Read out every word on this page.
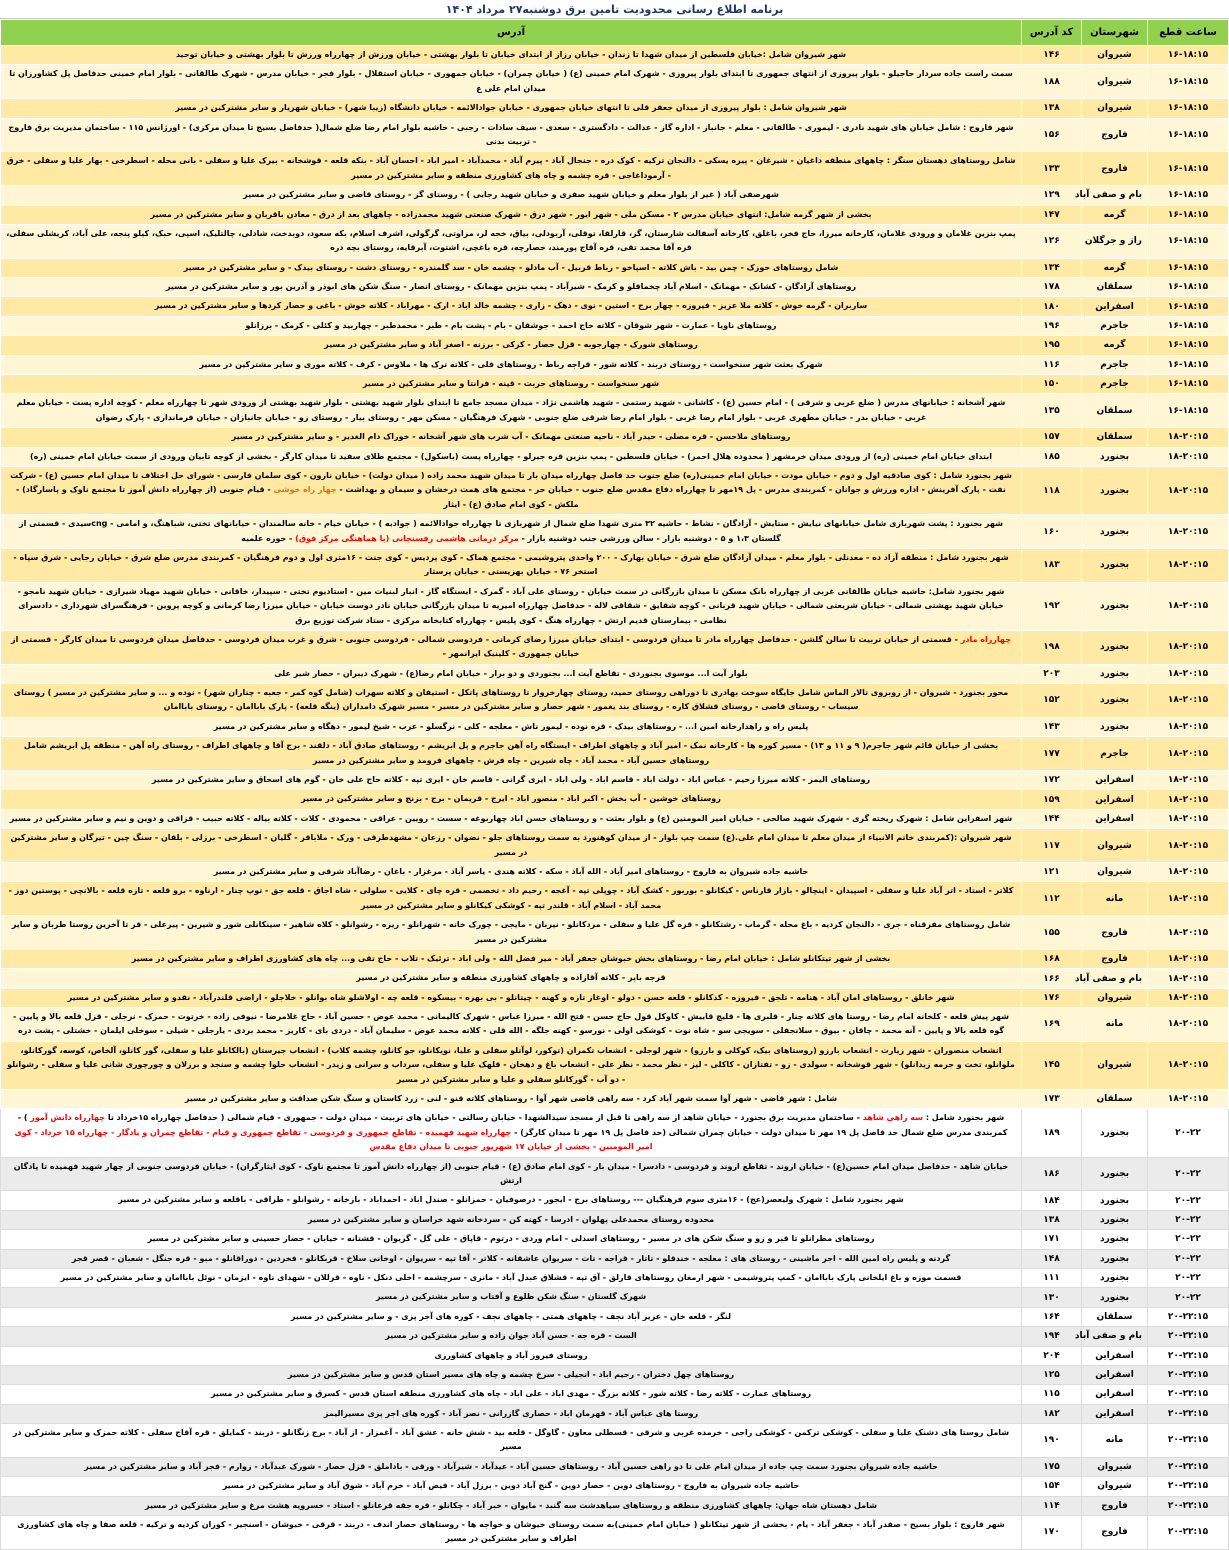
برنامه اطلاع رسانی محدودیت تامین برق دوشنبه۲۷ مرداد ۱۴۰۴
ساعت قطع	شهرستان	کد آدرس	آدرس
۱۶-۱۸:۱۵	شیروان	۱۴۶	شهر شیروان شامل :خیابان فلسطین از میدان شهدا تا زندان - خیابان رزاز از ابتدای خیابان تا بلوار بهشتی - خیابان ورزش از چهارراه ورزش تا بلوار بهشتی و خیابان توحید
۱۶-۱۸:۱۵	شیروان	۱۸۸	سمت راست جاده سردار حاجیلو - بلوار پیروزی از انتهای جمهوری تا ابتدای بلوار پیروزی - شهرک امام خمینی (ع) ( خیابان چمران) - خیابان جمهوری - خیابان استقلال - بلوار فجر - خیابان مدرس - شهرک طالقانی - بلوار امام خمینی حدفاصل پل کشاورزان تا میدان امام علی ع
۱۶-۱۸:۱۵	شیروان	۱۳۸	شهر شیروان شامل : بلوار پیروزی از میدان جعفر قلی تا انتهای خیابان جمهوری - خیابان جوادالائمه - خیابان دانشگاه (زیبا شهر) - خیابان شهریار و سایر مشترکین در مسیر
۱۶-۱۸:۱۵	فاروج	۱۵۶	شهر فاروج : شامل خیابان های شهید نادری - لیموری - طالقانی - معلم - جانباز - اداره گاز - عدالت - دادگستری - سعدی - سیف سادات - رجبی - حاشیه بلوار امام رضا ضلع شمال( حدفاصل بسیج تا میدان مرکزی) - اورژانس ۱۱۵ - ساختمان مدیریت برق فاروج - تربیت بدنی
۱۶-۱۸:۱۵	فاروج	۱۳۳	شامل روستاهای دهستان سنگر : چاههای منطقه داغیان - شیرغان - پیره یسکی - دالنجان ترکیه - کوک دره - جنجال آباد - پیرم آباد - محمدآباد - امیر اباد - احسان آباد - بنکه قلعه - قوشخانه - بیرک علیا و سفلی - بانی محله - اسطرخی - بهار علیا و سفلی - خرق - آرموداغاجی - قره چشمه و چاه های کشاورزی منطقه و سایر مشترکین در مسیر
۱۶-۱۸:۱۵	بام و صفی آباد	۱۲۹	شهرصفی آباد ( غیر از بلوار معلم و خیابان شهید صفری و خیابان شهید رجایی ) - روستای گز - روستای قاضی و سایر مشترکین در مسیر
۱۶-۱۸:۱۵	گرمه	۱۴۷	بخشی از شهر گرمه شامل: انتهای خیابان مدرس ۲ - مسکن ملی - شهر ایور - شهر درق - شهرک صنعتی شهید محمدزاده - چاههای بعد از درق - معادن باقربان و سایر مشترکین در مسیر
۱۶-۱۸:۱۵	راز و جرگلان	۱۲۶	پمپ بنزین غلامان و ورودی غلامان، کارخانه میرزا، حاج فخر، باغلق، کارخانه آسفالت شارستان، گز، قارلقا، توقلی، آربودلی، بیاق، خجه لر، مراوتی، گرگولی، اشرف اسلام، بکه سعود، دوبدخت، شادلی، چالتلیک، اسپی، حبک، کیلو پنجه، علی آباد، کریشلی سفلی، قره آقا محمد تقی، قره آقاج پورمند، حصارچه، قره باغچی، اشتوت، آبرقایه، روستای بچه دره
۱۶-۱۸:۱۵	گرمه	۱۳۴	شامل روستاهای حوزک - چمن بید - باش کلاته - اسپاخو - رباط قربیل - آب مادلو - چشمه خان - سد گلمندره - روستای دشت - روستای بیدک - و سایر مشترکین در مسیر
۱۶-۱۸:۱۵	سملقان	۱۷۸	روستاهای آزادگان - کشانک - مهمانک - اسلام آباد چخماقلو و کرمک - شیرآباد - پمپ بنزین مهمانک - روستای انصار - سنگ شکن های ابوذر و آذرین بور و سایر مشترکین در مسیر
۱۶-۱۸:۱۵	اسفراین	۱۸۰	ساربران - گرمه خوش - کلاته ملا عزیز - فیروزه - چهار برج - استین - نوی - دهک - زاری - چشمه خالد اباد - ارک - مهراباد - کلاته خوش - باغی و حصار کردها و سایر مشترکین در مسیر
۱۶-۱۸:۱۵	جاجرم	۱۹۶	روستاهای ناویا - عمارت - شهر شوقان - کلاته حاج احمد - جوشقان - بام - پشت بام - طبر - محمدطبر - چهاربید و کئلی - کرمک - برزانلو
۱۶-۱۸:۱۵	گرمه	۱۹۵	روستاهای شورک - چهارجوبه - قزل حصار - کرکی - برزنه - اصغر آباد و سایر مشترکین در مسیر
۱۶-۱۸:۱۵	جاجرم	۱۱۶	شهرک بعثت شهر سنخواست - روستای دربند - کلاته شور - قراجه رباط - روستاهای قلی - کلاته ترک ها - ملاوس - کرف - کلاته موری و سایر مشترکین در مسیر
۱۶-۱۸:۱۵	جاجرم	۱۵۰	شهر سنخواست - روستاهای جربت - قپنه - فرانتا و سایر مشترکین در مسیر
۱۶-۱۸:۱۵	سملقان	۱۳۵	شهر آشخانه : خیابانهای مدرس ( ضلع غربی و شرقی ) - امام حسین (ع) - کاشانی - شهید رستمی - شهید هاشمی نژاد - میدان مسجد جامع تا ابتدای بلوار شهید بهشتی - بلوار شهید بهشتی از ورودی شهر تا چهارراه معلم - کوچه اداره پست - خیابان معلم غربی - خیابان بدر - خیابان مطهری غربی - بلوار امام رضا غربی - بلوار امام رضا شرقی ضلع جنوبی - شهرک فرهنگیان - مسکن مهر - روستای بیار - روستای زو - خیابان جانبازان - خیابان فرمانداری - پارک رضوان
۱۸-۲۰:۱۵	سملقان	۱۵۷	روستاهای ملاحسن - قره مصلی - حیدر آباد - ناحیه صنعتی مهمانک - آب شرب های شهر آشخانه - خوراک دام الغدیر - و سایر مشترکین در مسیر
۱۸-۲۰:۱۵	بجنورد	۱۸۵	ابتدای خیابان امام خمینی (ره) از ورودی میدان خرمشهر ( محدوده هلال احمر) - خیابان فلسطین - پمپ بنزین قره جیرلو - چهارراه پست (باسکول) - مجتمع طلای سفید تا میدان کارگر - بخشی از کوچه تابیان ورودی از سمت خیابان امام خمینی (ره)
۱۸-۲۰:۱۵	بجنورد	۱۱۸	شهر بجنورد شامل : کوی صادقیه اول و دوم - خیابان مودت - خیابان امام خمینی(ره) ضلع جنوب حد فاصل چهارراه میدان بار تا میدان شهید محمد زاده ( میدان دولت) - خیابان نارون - کوی سلمان فارسی - شورای حل اختلاف تا میدان امام حسین (ع) - شرکت نفت - پارک آفرینش - اداره ورزش و جوانان - کمربندی مدرس - پل ۱۹مهر تا چهارراه دفاع مقدس ضلع جنوب - خیابان حر - مجتمع های همت درخشان و سیمان و بهداشت - چهار راه خوشی - قیام جنوبی (از چهارراه دانش آموز تا مجتمع ناوک و پاسارگاد) - ملکش - کوی امام صادق (ع) - ایثار
۱۸-۲۰:۱۵	بجنورد	۱۶۰	شهر بجنورد : پشت شهربازی شامل خیابانهای نیایش - ستایش - آزادگان - نشاط - حاشیه ۳۲ متری شهدا ضلع شمال از شهربازی تا چهارراه جوادالائمه ( جوادیه ) - خیابان خیام - خانه سالمندان - خیابانهای تختی، شباهنگ، و امامی - cngسیدی - قسمتی از گلستان ۱،۳ و ۵ - دوشنبه بازار - سالن ورزشی جنب دوشنبه بازار - مرکز درمانی هاشمی رفسنجانی (با هماهنگی مرکز فوق) - حوزه علمیه
۱۸-۲۰:۱۵	بجنورد	۱۸۳	شهر بجنورد شامل : منطقه آزاد ده - معدنلی - بلوار معلم - میدان آزادگان ضلع شرق - خیابان بهارک - ۲۰۰ واحدی پتروشیمی - مجتمع هماک - کوی پردیس - کوی جنت - ۱۶متری اول و دوم فرهنگیان - کمربندی مدرس ضلع شرق - خیابان رجایی - شرق سپاه - استخر ۷۶ - خیابان بهزیستی - خیابان پرستار
۱۸-۲۰:۱۵	بجنورد	۱۹۲	شهر بجنورد شامل: حاشیه خیابان طالقانی غربی از چهارراه بانک مسکن تا میدان بازرگانی در سمت خیابان - روستای علی آباد - گمرک - ایستگاه گاز - انبار لبنیات مین - استادیوم تختی - سپیدار، خاقانی - خیابان شهید مهیاد شیرازی - خیابان شهید نامجو - خیابان شهید بهشتی شمالی - خیابان شریعتی شمالی - خیابان شهید قربانی - کوچه شقایق - شقاقی لاله - حدفاصل چهارراه امیریه تا میدان بازرگانی خیابان نادر دوست خیابان - خیابان میرزا رضا کرمانی و کوچه پروین - فرهنگسرای شهرداری - دادسرای نظامی - بیمارستان قدیم ارتش - چهارراه هنگ - کوی پلیس - چهارراه کتابخانه مرکزی - ستاد شرکت توزیع برق
۱۸-۲۰:۱۵	بجنورد	۱۹۸	چهارراه مادر - قسمتی از خیابان تربیت تا سالن گلشن - حدفاصل چهارراه مادر تا میدان فردوسی - ابتدای خیابان میرزا رضای کرمانی - فردوسی شمالی - فردوسی جنوبی - شرق و غرب میدان فردوسی - حدفاصل میدان فردوسی تا میدان کارگر - قسمتی از خیابان جمهوری - کلینیک ایرانمهر -
۱۸-۲۰:۱۵	بجنورد	۲۰۳	بلوار آیت ا... موسوی بجنوردی - تقاطع آیت ا... بجنوردی و دو برار - خیابان امام رضا(ع) - شهرک دیبران - حصار شیر علی
۱۸-۲۰:۱۵	بجنورد	۱۵۲	محور بجنورد - شیروان - از روبروی تالار الماس شامل جایگاه سوخت بهادری تا دوراهی روستای حمید، روستای چهارخروار تا روستاهای پاتکل - استیفان و کلاته سهراب (شامل کوه کمر - جعبه - چناران شهر) - نوده و ... و سایر مشترکین در مسیر ) روستای سیساب - روستای قاضی - روستای قشلاق کاره - روستای بند یغمور - شهر حصار و سایر مشترکین در مسیر - مسیر شهرک دامداران (ینگه قلعه) - پارک باباامان - روستای باباامان
۱۸-۲۰:۱۵	بجنورد	۱۴۳	پلیس راه و راهدارخانه امین ا... - روستاهای بیدک - قره نوده - لیمور ناش - معلجه - کلی - نرگسلو - عرب - شیخ لیمور - دهگاه و سایر مشترکین در مسیر
۱۸-۲۰:۱۵	جاجرم	۱۷۷	بخشی از خیابان قائم شهر جاجرم( ۹ و ۱۱ و ۱۳) - مسیر کوره ها - کارخانه نمک - امیر آباد و چاههای اطراف - ایستگاه راه آهن جاجرم و پل ابریشم - روستاهای صادق آباد - دلقند - برج آقا و چاههای اطراف - روستای راه آهن - منطقه پل ابریشم شامل روستاهای حسین آباد - محمد آباد - چاه شیرین - چاه فرش - چاههای فرومد و سایر مشترکین در مسیر
۱۸-۲۰:۱۵	اسفراین	۱۷۲	روستاهای الیمز - کلاته میرزا رحیم - عباس اباد - دولت اباد - قاسم اباد - ولی اباد - ایزی گرانی - قاسم خان - ایری تپه - کلاته حاج علی خان - گوم های اسحاق و سایر مشترکین در مسیر
۱۸-۲۰:۱۵	اسفراین	۱۵۹	روستاهای خوشین - آب بخش - اکبر اباد - منصور اباد - ایرج - قریمان - برج - بزنج و سایر مشترکین در مسیر
۱۸-۲۰:۱۵	اسفراین	۱۴۴	شهر اسفراین شامل : شهرک ریخته گری - شهرک شهید صالحی - خیابان امیر المومنین (ع) و بلوار بعثت - و روستاهای حسن اباد چهاربوغه - سست - رویین - عراقی - محمودی - کلات - کلاته بیاله - کلاته حبیب - قزاقی و دوین و نیم و سایر مشترکین در مسیر
۱۸-۲۰:۱۵	شیروان	۱۱۷	شهر شیروان :(کمربندی خاتم الانبیاء از میدان معلم تا میدان امام علی.(ع) سمت چپ بلوار - از میدان کوهنورد به سمت روستاهای جلو - نضوان - رزعان - مشهدطرقی - ورک - ملاباقر - گلیان - اسطرخی - برزلی - بلقان - سنگ چین - تیرگان و سایر مشترکین در مسیر
۱۸-۲۰:۱۵	شیروان	۱۲۱	حاشیه جاده شیروان به فاروج - روستاهای امیر آباد - الله آباد - سکه - کلاته هندی - یاسر آباد - مرغزار - باغان - رضاآباد شرقی و سایر مشترکین در مسیر
۱۸-۲۰:۱۵	مانه	۱۱۲	کلاتر - استاد - اتر آباد علیا و سفلی - اسپیدان - اینچالو - بازار قارناس - کیکانلو - بوربور - کشک آباد - چوپلی تپه - آغجه - رحیم داد - تخصمی - قره چای - کلایی - سلولی - شاه اجاق - قلعه جق - توپ چنار - ارناوه - برو قلعه - تازه قلعه - بالانچی - پوستین دوز - محمد آباد - اسلام آباد - قلندر تپه - کوشکی کیکانلو و سایر مشترکین در مسیر
۱۸-۲۰:۱۵	فاروج	۱۵۵	شامل روستاهای مفرقناه - جری - دالنجان کردیه - باغ محله - گرماب - رشتکانلو - قره گل علیا و سفلی - مردکانلو - نیربان - مایجی - چورک خانه - شهرانلو - ریزه - رشوانلو - کلاه شاهیر - سینکانلی شور و شیرین - پیرعلی - قر تا آخرین روستا طربان و سایر مشترکین در مسیر
۱۸-۲۰:۱۵	فاروج	۱۶۸	بخشی از شهر تیتکانلو شامل : خیابان امام رضا - روستاهای بخش خبوشان جعفر آباد - میر فضل الله - ولی اباد - ترئیک - تلاب - حاج تقی و... چاه های کشاورزی اطراف و سایر مشترکین در مسیر
۱۸-۲۰:۱۵	بام و صفی آباد	۱۶۶	قرجه باپر - کلاته آقازاده و چاههای کشاورزی منطقه و سایر مشترکین در مسیر
۱۸-۲۰:۱۵	شیروان	۱۷۶	شهر خانلق - روستاهای امان آباد - هنامه - تلجق - فیروزه - کدکانلو - قلعه حسن - دولو - اوغاز تازه و کهنه - چیتانلو - بی بهره - بیسکوه - قلعه چه - اولاشلو شاه بوانلو - خلاجلو - اراضی قلندرآباد - نقدو و سایر مشترکین در مسیر
۱۸-۲۰:۱۵	مانه	۱۶۹	شهر پیش قلعه - کلخانه امام رضا - روستا های کلاته چنار - قلبری ها - قلیچ قاییش - کاوکل قول حاج حسن - فتح الله - میرزا عباس - شهرک کالیمانی - محمد عوض - حسین آباد - حاج غلامرضا - نیوفی زاده - خرتوت - حمزک - نرجلی - قزل قلعه بالا و پایین - گوه قلعه بالا و پایین - آنه محمد - چاقان - بیوق - سلانجفلی - سویجی سو - شاه نوت - کوشکی اولی - نورسو - کهنه جلگه - الله قلی - کلاته محمد عوض - سلیمان آباد - دردی بای - کاریز - محمد بردی - یارجلی - شیلی - سوخلی ایلمان - خشتلی - پشت دره
۱۸-۲۰:۱۵	شیروان	۱۴۵	انشعاب منصوران - شهر زیارت - انشعاب بارزو (روستاهای بیک، کوکلی و بارزو) - شهر لوجلی - انشعاب تکمران (توکور، لوآتلو سفلی و علیا، نویکانلو، جو کانلو، چشمه کلاب) - انشعاب جیرستان (بالکانلو علیا و سفلی، گور کانلو، آلخاص، کوسه، گورکانلو، ملوانلو، تخت و جرمه زیدانلو) - شهر قوشخانه - سولدی - زو - تفتازان - کاکلی - لیز - نظر محمد - نظر علی - انشعاب باغ و دهخان - قلهک علیا و سفلی، سرداب و سرانی و زیدر - انشعاب حلوا چشمه و سنجد و برزلان و چورچوری شانی علیا و سفلی - رشوانلو - دو آب - گورکانلو سفلی و علیا و سایر مشترکین در مسیر
۱۸-۲۰:۱۵	سملقان	۱۷۳	شامل : شهر قاضی - شهر آوا سمت شهر آباد کرد - سه راهی قاضی شهر آوا - روستاهای کلاته قنو - لنی - زرد کاستان و سنگ شکن صداقت و سایر مشترکین در مسیر
۲۰-۲۲	بجنورد	۱۸۹	شهر بجنورد شامل : سه راهی شاهد - ساختمان مدیریت برق بجنورد - خیابان شاهد از سه راهی تا قبل از مسجد سیدالشهدا - خیابان رسالتی - خیابان های تربیت - میدان دولت - جمهوری - قیام شمالی ( حدفاصل چهارراه ۱۵خرداد تا چهارراه دانش آموز ) - کمربندی مدرس ضلع شمال حد فاصل پل ۱۹ مهر تا میدان دولت - خیابان چمران شمالی (حد فاصل پل ۱۹ مهر تا میدان کارگر) - چهارراه شهید فهمیده - تقاطع جمهوری و فردوسی - تقاطع جمهوری و قیام - تقاطع چمران و یادگار - چهارراه ۱۵ خرداد - کوی امیر المومنین - بخشی از خیابان ۱۷ شهریور جنوبی تا میدان دفاع مقدس
۲۰-۲۲	بجنورد	۱۸۶	خیابان شاهد - حدفاصل میدان امام حسین(ع) - خیابان اروند - تقاطع اروند و فردوسی - دادسرا - میدان بار - کوی امام صادق (ع) - قیام جنوبی (از چهارراه دانش آموز تا مجتمع ناوک - کوی ایثارگران) - خیابان فردوسی جنوبی از چهار شهید فهمیده تا پادگان ارتش
۲۰-۲۲	بجنورد	۱۸۴	شهر بجنورد شامل : شهرک ولیعصر(عج) - ۱۶متری سوم فرهنگیان --- روستاهای برج - ایجور - درصوفیان - حمزانلو - صندل اباد - احمداباد - بازخانه - رشوانلو - طراقی - باقلعه و سایر مشترکین در مسیر
۲۰-۲۲	بجنورد	۱۳۸	محدوده روستای محمدعلی پهلوان - ادرسا - کهنه کن - سردخانه شهد خراسان و سایر مشترکین در مسیر
۲۰-۲۲	بجنورد	۱۷۱	روستاهای مطرانلو تا قبر و زو و سنگ شکن های در مسیر - روستاهای اسدلی - امام وردی - درتوم - قاپاق - علی گل - گریوان - قشتانه - خیابان - حصار حسینی و سایر مشترکین در مسیر
۲۰-۲۲	بجنورد	۱۴۸	گردنه و پلیس راه امین الله - اجر ماشینی - روستای های : معلجه - خندقلو - تاتار - قراجه - تات - سریوان عاشقانه - کلاتر - آقا تپه - سریوان - اوخانی سلاخ - قربکانلو - فخردین - دوراقانلو - مبو - قره جنگل - شعبان - قصر قجر
۲۰-۲۲	بجنورد	۱۱۱	قسمت موزه و باغ ایلخانی پارک باباامان - کمپ پتروشیمی - شهر ارمغان روستاهای قارلق - آق تپه - قشلاق عبدل آباد - مانزی - سرچشمه - اخلی دنکل - ناوه - قرللان - شهدای ناوه - ایزمان - نوئل باباامان و سایر مشترکین در مسیر
۲۰-۲۲	بجنورد	۱۳۰	شهرک گلستان - سنگ شکن طلوع و آفتاب و سایر مشترکین در مسیر
۲۰-۲۲:۱۵	سملقان	۱۶۴	لنگر - قلعه خان - عزیز آباد نجف - چاههای همتی - چاههای نجف - کوره های آجر پزی - و سایر مشترکین در مسیر
۲۰-۲۲:۱۵	بام و صفی آباد	۱۹۴	الست - قره جه - حسن آباد جوان زاده و سایر مشترکین در مسیر
۲۰-۲۲:۱۵	اسفراین	۲۰۴	روستای فیروز آباد و چاههای کشاورزی
۲۰-۲۲:۱۵	اسفراین	۱۲۵	روستاهای چهل دختران - رحیم اباد - انجیلی - سرخ چشمه و چاه های مسیر استان قدس و سایر مشترکین در مسیر
۲۰-۲۲:۱۵	اسفراین	۱۱۵	روستاهای عمارت - کلاته رضا - کلاته شور - کلاته بزرگ - مهدی اباد - علی اباد - چاه های کشاورزی منطقه استان قدس - کسرق و سایر مشترکین در مسیر
۲۰-۲۲:۱۵	اسفراین	۱۸۲	روستا های عباس آباد - قهرمان اباد - حصاری گازرانی - نصر آباد - کوره های اجر پزی مسیرالیمز
۲۰-۲۲:۱۵	مانه	۱۹۰	شامل روستا های دشنک علیا و سفلی - کوشکی ترکمن - کوشکی راجی - خرمده غربی و شرقی - قسطلی معاون - گاوگل - قلعه بید - شش خانه - عشق آباد - آغمزار - از آباد - برج زنگانلو - دربند - کمایلق - قره آقاج سفلی - کلاته حمزک و سایر مشترکین در مسیر
۲۰-۲۲:۱۵	شیروان	۱۷۵	حاشیه جاده شیروان بجنورد سمت چپ جاده از میدان امام علی تا دو راهی حسین آباد - روستاهای حسین آباد - عیدآباد - شیرآباد - ورقی - باداملق - قزل حصار - شورک عبدآباد - زوارم - فجر آباد و سایر مشترکین در مسیر
۲۰-۲۲:۱۵	شیروان	۱۵۴	حاشیه جاده شیروان به فاروج - روستاهای دوین - حصار دوین - گنج آباد دوین - برزل آباد - فیض آباد - خرم آباد - شوق آباد و سایر مشترکین در مسیر
۲۰-۲۲:۱۵	فاروج	۱۱۴	شامل دهستان شاه جهان: چاههای کشاورزی منطقه و روستاهای سیاهدشت سه گنبد - مایوان - خبر آباد - چکانلو - قره جقه قرعانلو - استاد - خسرویه هشت مرغ و سایر مشترکین در مسیر
۲۰-۲۲:۱۵	فاروج	۱۷۰	شهر فاروج : بلوار بسیج - صفدر آباد - جعفر آباد - یام - بخشی از شهر تیتکانلو ( خیابان امام خمینی)به سمت روستای خیوشان و خواجه ها - روستاهای حصار اندف - دربند - قرقی - خیوشان - اسنجیر - کوران کردیه و ترکیه - قلعه صفا و چاه های کشاورزی اطراف و سایر مشترکین در مسیر
